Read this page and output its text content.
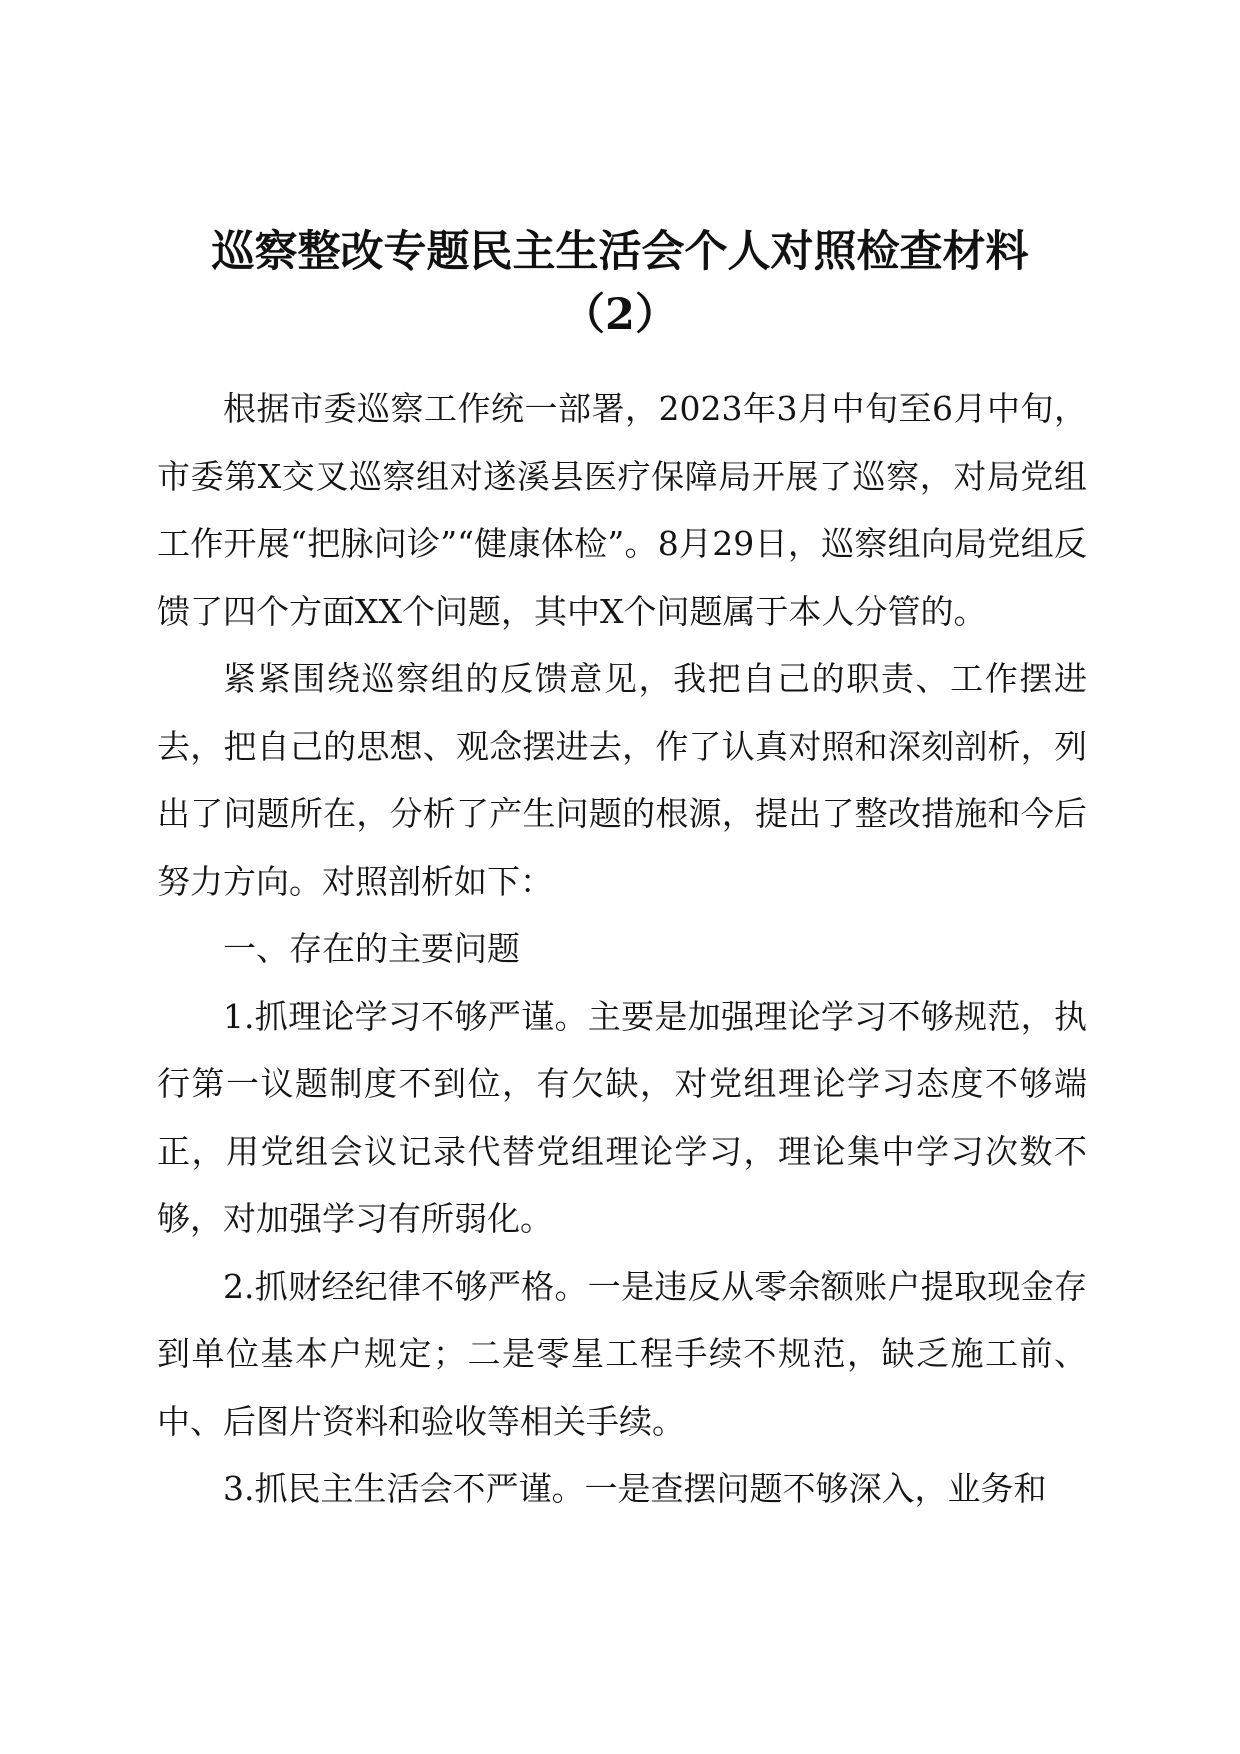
巡察整改专题民主生活会个人对照检查材料
（2）

根据市委巡察工作统一部署，2023年3月中旬至6月中旬，市委第X交叉巡察组对遂溪县医疗保障局开展了巡察，对局党组工作开展“把脉问诊”“健康体检”。8月29日，巡察组向局党组反馈了四个方面XX个问题，其中X个问题属于本人分管的。

紧紧围绕巡察组的反馈意见，我把自己的职责、工作摆进去，把自己的思想、观念摆进去，作了认真对照和深刻剖析，列出了问题所在，分析了产生问题的根源，提出了整改措施和今后努力方向。对照剖析如下：

一、存在的主要问题

1.抓理论学习不够严谨。主要是加强理论学习不够规范，执行第一议题制度不到位，有欠缺，对党组理论学习态度不够端正，用党组会议记录代替党组理论学习，理论集中学习次数不够，对加强学习有所弱化。

2.抓财经纪律不够严格。一是违反从零余额账户提取现金存到单位基本户规定；二是零星工程手续不规范，缺乏施工前、中、后图片资料和验收等相关手续。

3.抓民主生活会不严谨。一是查摆问题不够深入，业务和
